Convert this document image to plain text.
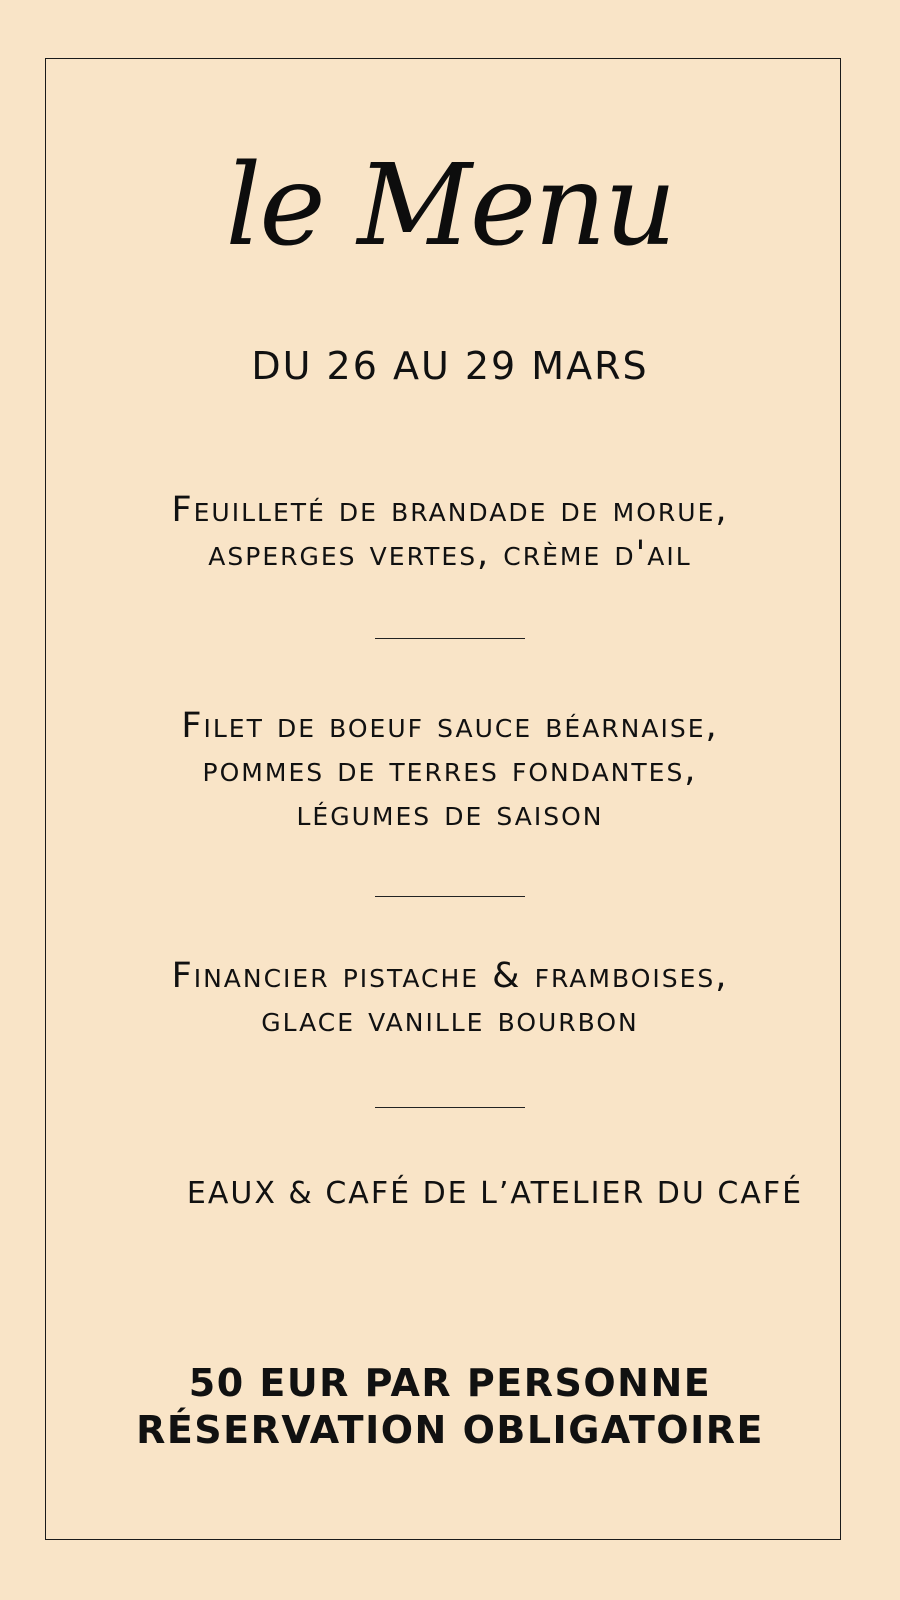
le Menu
DU 26 AU 29 MARS
Feuilleté de brandade de morue,
asperges vertes, crème d'ail
Filet de boeuf sauce béarnaise,
pommes de terres fondantes,
légumes de saison
Financier pistache & framboises,
glace vanille bourbon
EAUX & CAFÉ DE L’ATELIER DU CAFÉ
50 EUR PAR PERSONNE
RÉSERVATION OBLIGATOIRE
